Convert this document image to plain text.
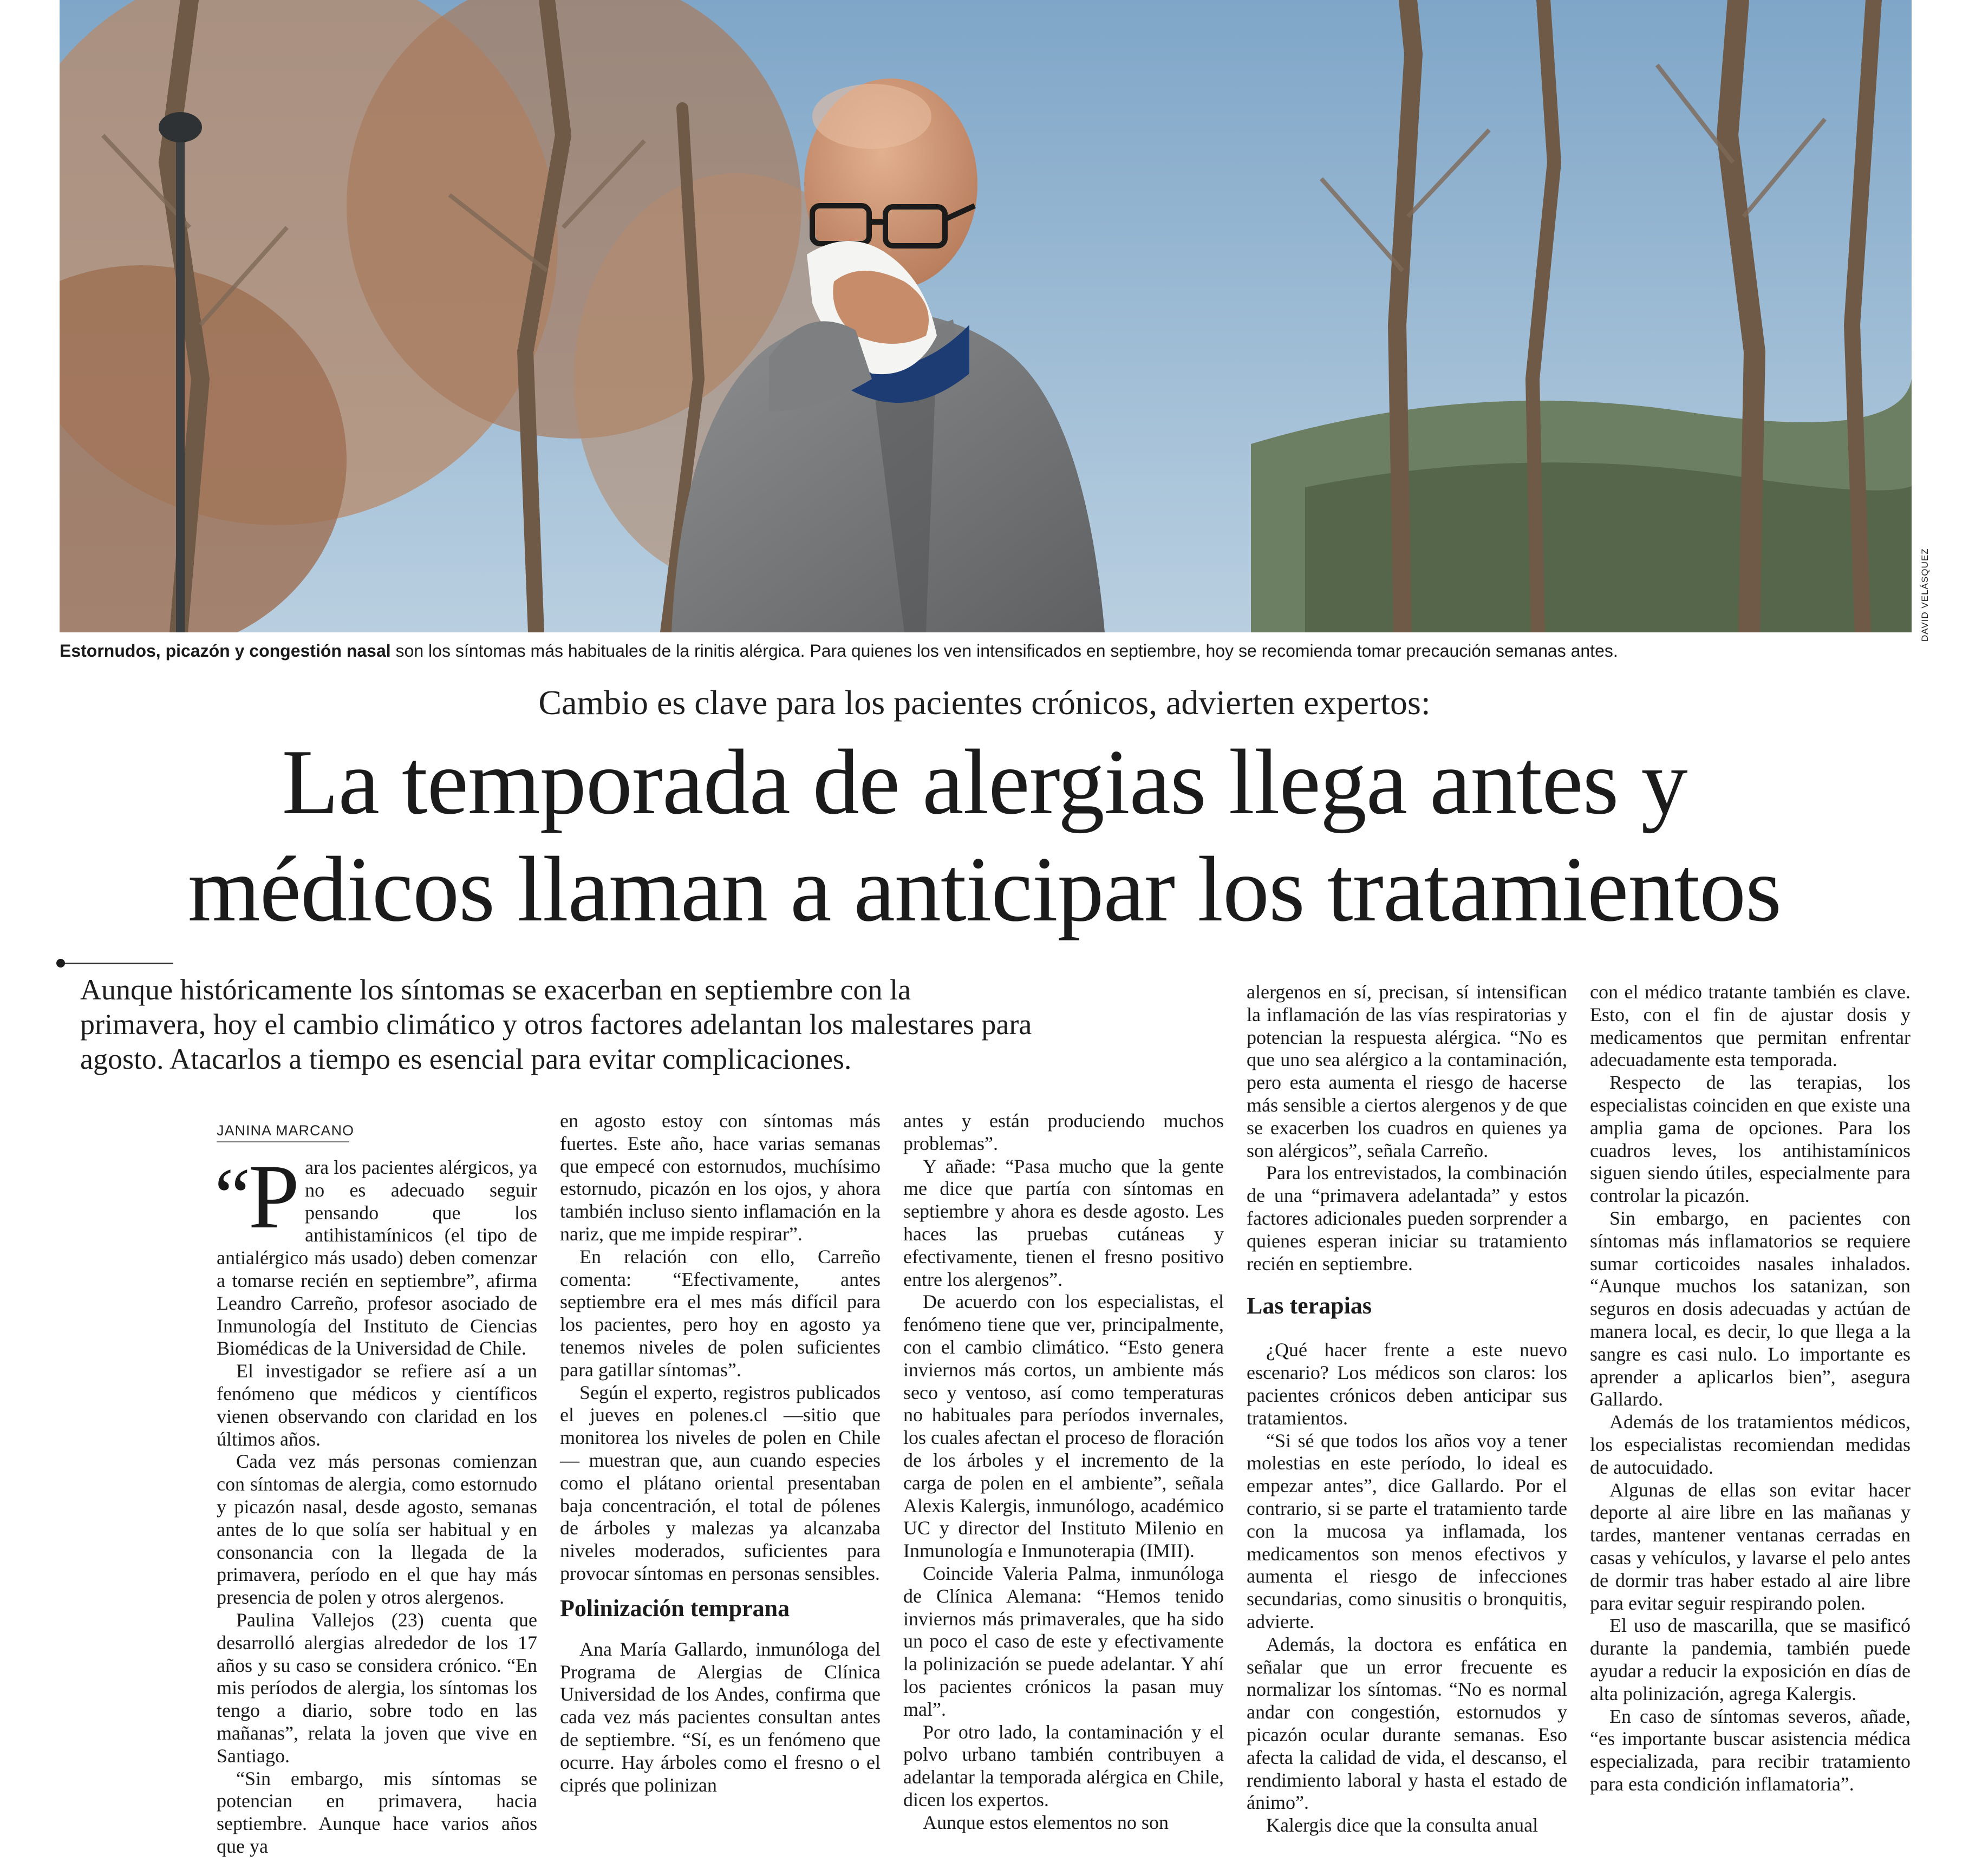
DAVID VELÁSQUEZ
Estornudos, picazón y congestión nasal son los síntomas más habituales de la rinitis alérgica. Para quienes los ven intensificados en septiembre, hoy se recomienda tomar precaución semanas antes.
Cambio es clave para los pacientes crónicos, advierten expertos:
La temporada de alergias llega antes y
médicos llaman a anticipar los tratamientos
Aunque históricamente los síntomas se exacerban en septiembre con la
primavera, hoy el cambio climático y otros factores adelantan los malestares para
agosto. Atacarlos a tiempo es esencial para evitar complicaciones.
JANINA MARCANO
“P ara los pacientes alérgicos, ya no es adecuado seguir pensando que los antihistamínicos (el tipo de antialérgico más usado) deben comenzar a tomarse recién en septiembre”, afirma Leandro Carreño, profesor asociado de Inmunología del Instituto de Ciencias Biomédicas de la Universidad de Chile.

El investigador se refiere así a un fenómeno que médicos y científicos vienen observando con claridad en los últimos años.

Cada vez más personas comienzan con síntomas de alergia, como estornudo y picazón nasal, desde agosto, semanas antes de lo que solía ser habitual y en consonancia con la llegada de la primavera, período en el que hay más presencia de polen y otros alergenos.

Paulina Vallejos (23) cuenta que desarrolló alergias alrededor de los 17 años y su caso se considera crónico. “En mis períodos de alergia, los síntomas los tengo a diario, sobre todo en las mañanas”, relata la joven que vive en Santiago.

“Sin embargo, mis síntomas se potencian en primavera, hacia septiembre. Aunque hace varios años que ya

en agosto estoy con síntomas más fuertes. Este año, hace varias semanas que empecé con estornudos, muchísimo estornudo, picazón en los ojos, y ahora también incluso siento inflamación en la nariz, que me impide respirar”.

En relación con ello, Carreño comenta: “Efectivamente, antes septiembre era el mes más difícil para los pacientes, pero hoy en agosto ya tenemos niveles de polen suficientes para gatillar síntomas”.

Según el experto, registros publicados el jueves en polenes.cl —sitio que monitorea los niveles de polen en Chile— muestran que, aun cuando especies como el plátano oriental presentaban baja concentración, el total de pólenes de árboles y malezas ya alcanzaba niveles moderados, suficientes para provocar síntomas en personas sensibles.

Polinización temprana

Ana María Gallardo, inmunóloga del Programa de Alergias de Clínica Universidad de los Andes, confirma que cada vez más pacientes consultan antes de septiembre. “Sí, es un fenómeno que ocurre. Hay árboles como el fresno o el ciprés que polinizan

antes y están produciendo muchos problemas”.

Y añade: “Pasa mucho que la gente me dice que partía con síntomas en septiembre y ahora es desde agosto. Les haces las pruebas cutáneas y efectivamente, tienen el fresno positivo entre los alergenos”.

De acuerdo con los especialistas, el fenómeno tiene que ver, principalmente, con el cambio climático. “Esto genera inviernos más cortos, un ambiente más seco y ventoso, así como temperaturas no habituales para períodos invernales, los cuales afectan el proceso de floración de los árboles y el incremento de la carga de polen en el ambiente”, señala Alexis Kalergis, inmunólogo, académico UC y director del Instituto Milenio en Inmunología e Inmunoterapia (IMII).

Coincide Valeria Palma, inmunóloga de Clínica Alemana: “Hemos tenido inviernos más primaverales, que ha sido un poco el caso de este y efectivamente la polinización se puede adelantar. Y ahí los pacientes crónicos la pasan muy mal”.

Por otro lado, la contaminación y el polvo urbano también contribuyen a adelantar la temporada alérgica en Chile, dicen los expertos.

Aunque estos elementos no son

alergenos en sí, precisan, sí intensifican la inflamación de las vías respiratorias y potencian la respuesta alérgica. “No es que uno sea alérgico a la contaminación, pero esta aumenta el riesgo de hacerse más sensible a ciertos alergenos y de que se exacerben los cuadros en quienes ya son alérgicos”, señala Carreño.

Para los entrevistados, la combinación de una “primavera adelantada” y estos factores adicionales pueden sorprender a quienes esperan iniciar su tratamiento recién en septiembre.

Las terapias

¿Qué hacer frente a este nuevo escenario? Los médicos son claros: los pacientes crónicos deben anticipar sus tratamientos.

“Si sé que todos los años voy a tener molestias en este período, lo ideal es empezar antes”, dice Gallardo. Por el contrario, si se parte el tratamiento tarde con la mucosa ya inflamada, los medicamentos son menos efectivos y aumenta el riesgo de infecciones secundarias, como sinusitis o bronquitis, advierte.

Además, la doctora es enfática en señalar que un error frecuente es normalizar los síntomas. “No es normal andar con congestión, estornudos y picazón ocular durante semanas. Eso afecta la calidad de vida, el descanso, el rendimiento laboral y hasta el estado de ánimo”.

Kalergis dice que la consulta anual

con el médico tratante también es clave. Esto, con el fin de ajustar dosis y medicamentos que permitan enfrentar adecuadamente esta temporada.

Respecto de las terapias, los especialistas coinciden en que existe una amplia gama de opciones. Para los cuadros leves, los antihistamínicos siguen siendo útiles, especialmente para controlar la picazón.

Sin embargo, en pacientes con síntomas más inflamatorios se requiere sumar corticoides nasales inhalados. “Aunque muchos los satanizan, son seguros en dosis adecuadas y actúan de manera local, es decir, lo que llega a la sangre es casi nulo. Lo importante es aprender a aplicarlos bien”, asegura Gallardo.

Además de los tratamientos médicos, los especialistas recomiendan medidas de autocuidado.

Algunas de ellas son evitar hacer deporte al aire libre en las mañanas y tardes, mantener ventanas cerradas en casas y vehículos, y lavarse el pelo antes de dormir tras haber estado al aire libre para evitar seguir respirando polen.

El uso de mascarilla, que se masificó durante la pandemia, también puede ayudar a reducir la exposición en días de alta polinización, agrega Kalergis.

En caso de síntomas severos, añade, “es importante buscar asistencia médica especializada, para recibir tratamiento para esta condición inflamatoria”.
